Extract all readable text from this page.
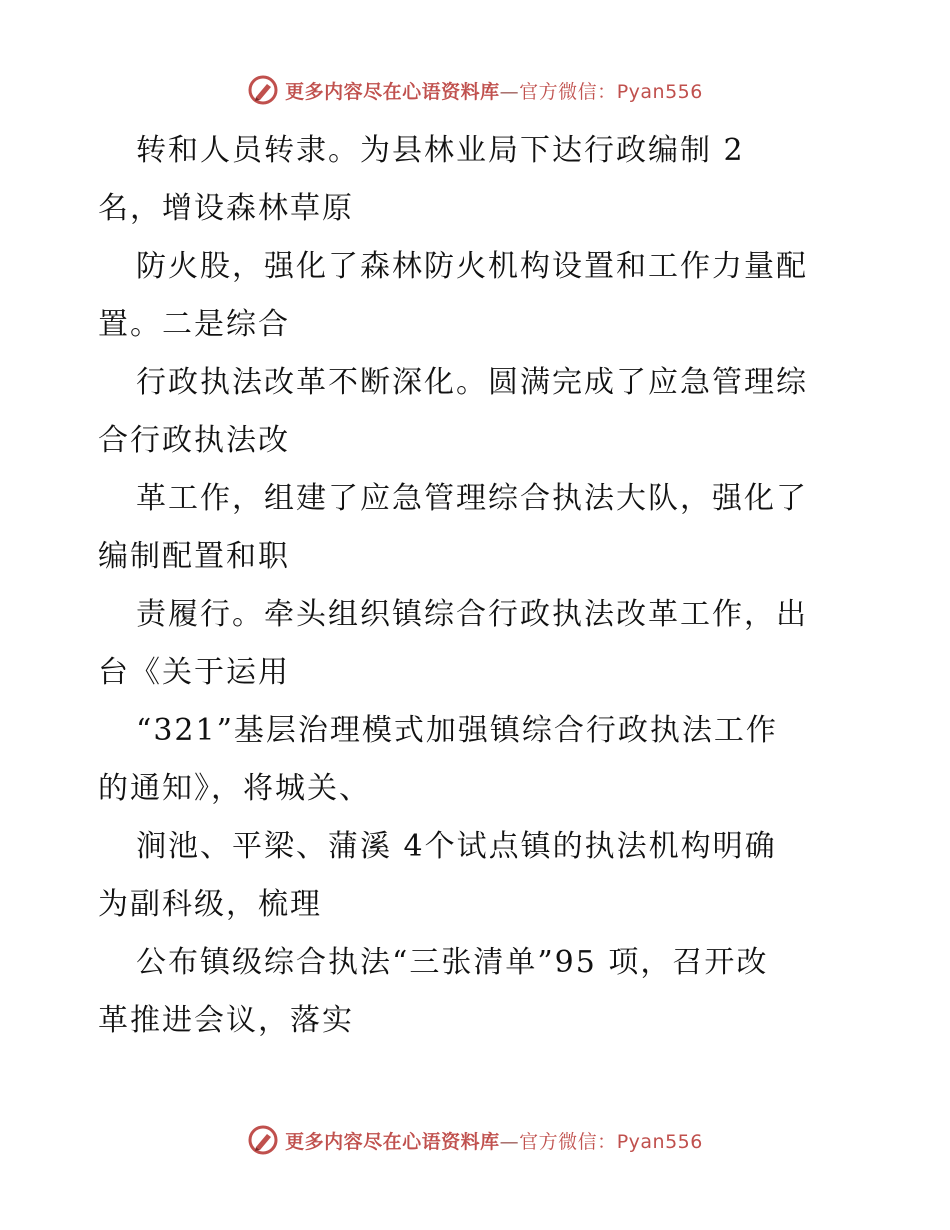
更多内容尽在心语资料库—官方微信：Pyan556

转和人员转隶。为县林业局下达行政编制 2
名，增设森林草原

防火股，强化了森林防火机构设置和工作力量配
置。二是综合

行政执法改革不断深化。圆满完成了应急管理综
合行政执法改

革工作，组建了应急管理综合执法大队，强化了
编制配置和职

责履行。牵头组织镇综合行政执法改革工作，出
台《关于运用

“321”基层治理模式加强镇综合行政执法工作
的通知》，将城关、

涧池、平梁、蒲溪 4个试点镇的执法机构明确
为副科级，梳理

公布镇级综合执法“三张清单”95 项，召开改
革推进会议，落实

更多内容尽在心语资料库—官方微信：Pyan556
